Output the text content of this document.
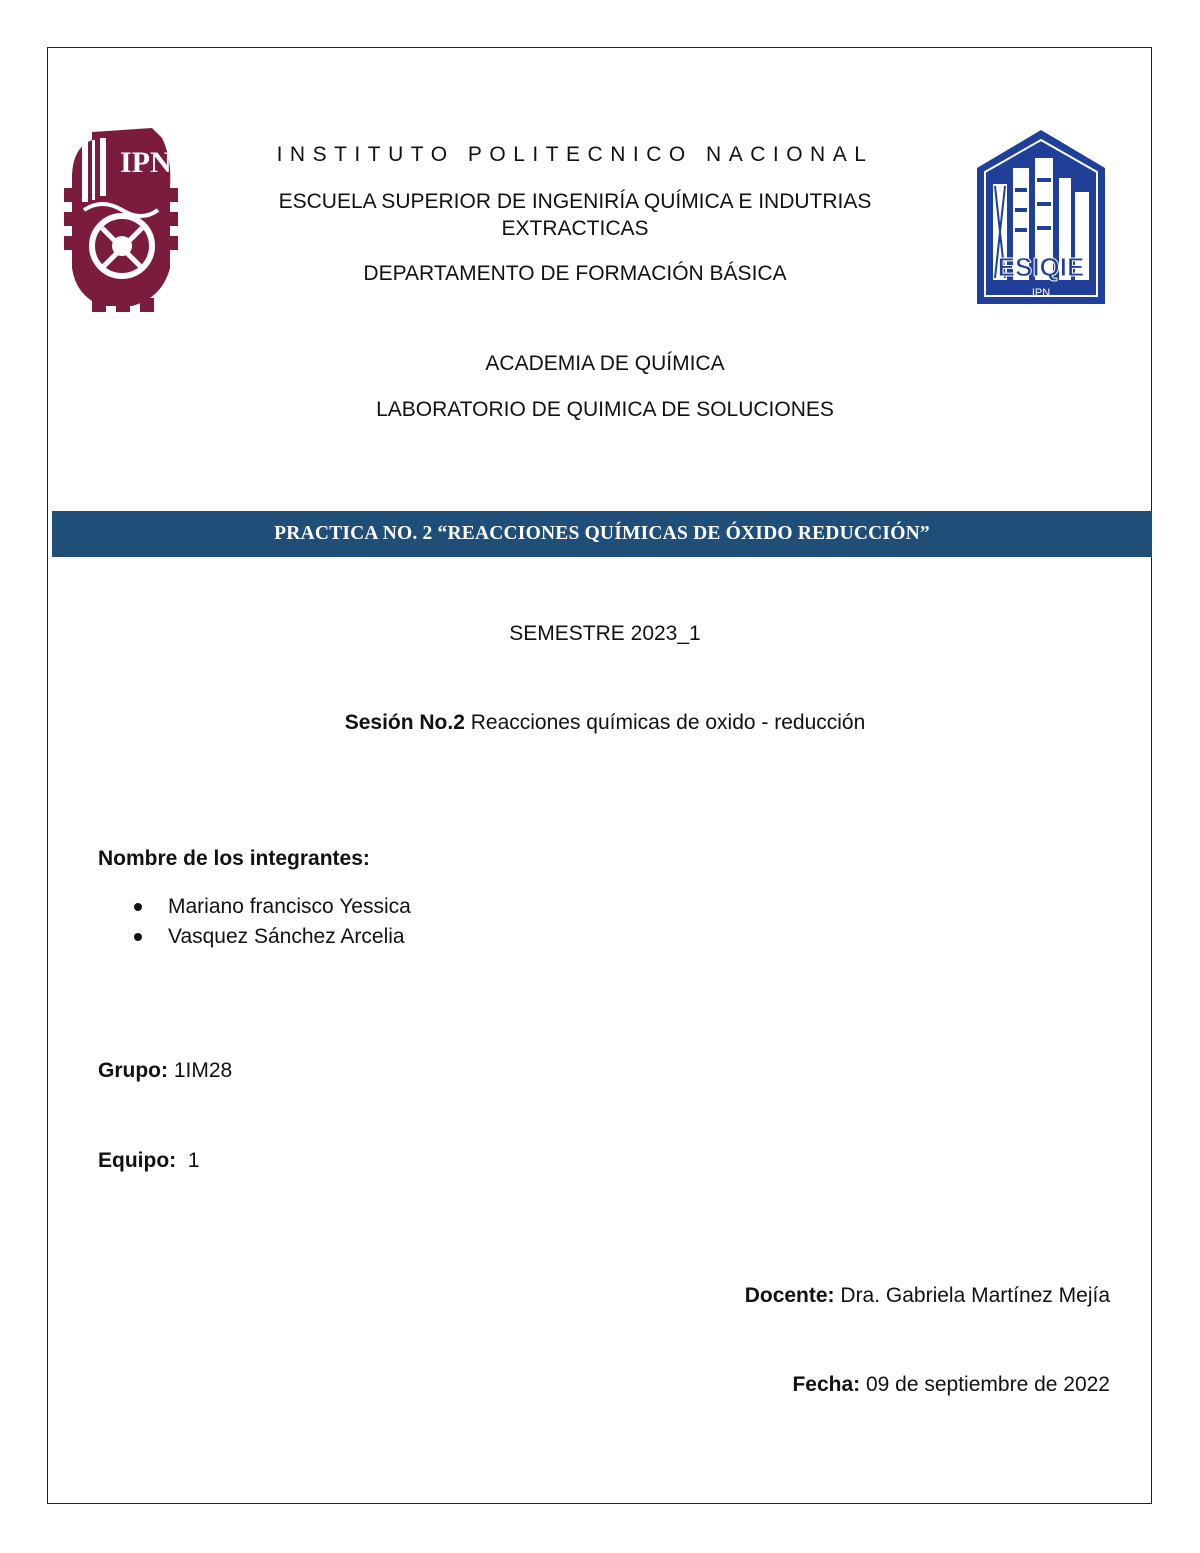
IPN	INSTITUTO POLITECNICO NACIONAL
ESCUELA SUPERIOR DE INGENIRÍA QUÍMICA E INDUTRIAS EXTRACTICAS
DEPARTAMENTO DE FORMACIÓN BÁSICA	ESIQIE
IPN
ACADEMIA DE QUÍMICA
LABORATORIO DE QUIMICA DE SOLUCIONES
PRACTICA NO. 2 “REACCIONES QUÍMICAS DE ÓXIDO REDUCCIÓN”
SEMESTRE 2023_1
Sesión No.2 Reacciones químicas de oxido - reducción
Nombre de los integrantes:
Mariano francisco Yessica
Vasquez Sánchez Arcelia
Grupo: 1IM28
Equipo:  1
Docente: Dra. Gabriela Martínez Mejía
Fecha: 09 de septiembre de 2022
